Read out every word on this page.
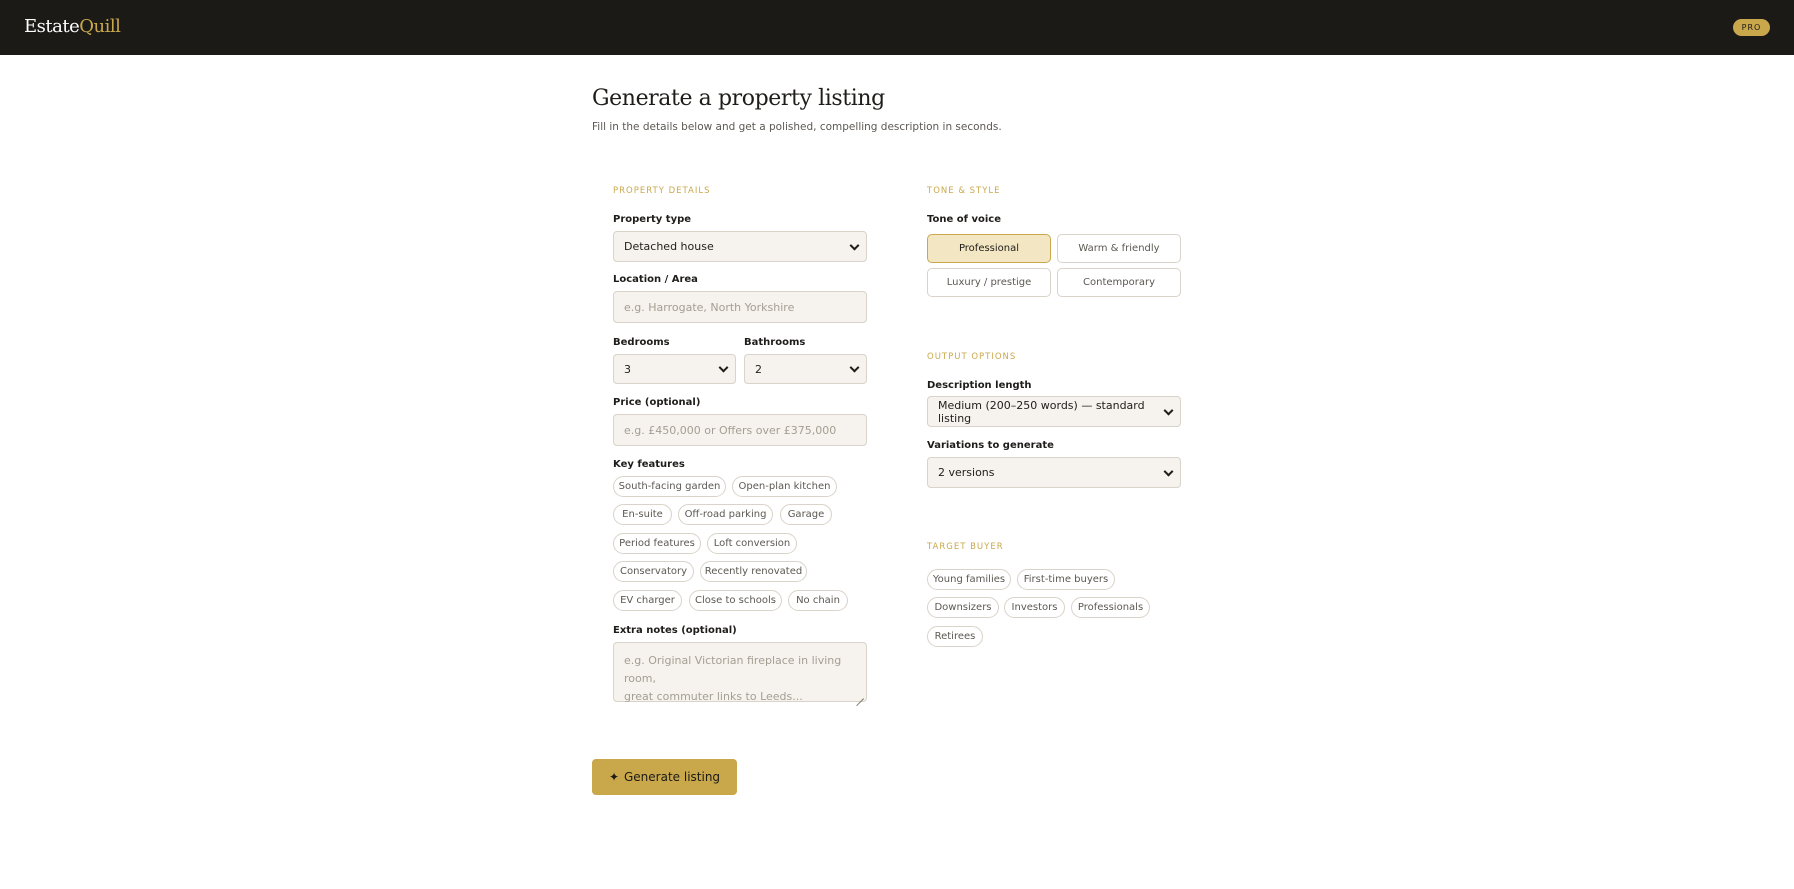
EstateQuill	PRO
Generate a property listing

Fill in the details below and get a polished, compelling description in seconds.

PROPERTY DETAILS
Property type
Detached house
Location / Area
e.g. Harrogate, North Yorkshire
Bedrooms
3
Bathrooms
2
Price (optional)
e.g. £450,000 or Offers over £375,000
Key features
South-facing garden	Open-plan kitchen
En-suite	Off-road parking	Garage
Period features	Loft conversion
Conservatory	Recently renovated
EV charger	Close to schools	No chain
Extra notes (optional)
e.g. Original Victorian fireplace in living room,
great commuter links to Leeds...
TONE & STYLE
Tone of voice
Professional	Warm & friendly
Luxury / prestige	Contemporary
OUTPUT OPTIONS
Description length
Medium (200–250 words) — standard listing
Variations to generate
2 versions
TARGET BUYER
Young families	First-time buyers
Downsizers	Investors	Professionals
Retirees
✦ Generate listing
